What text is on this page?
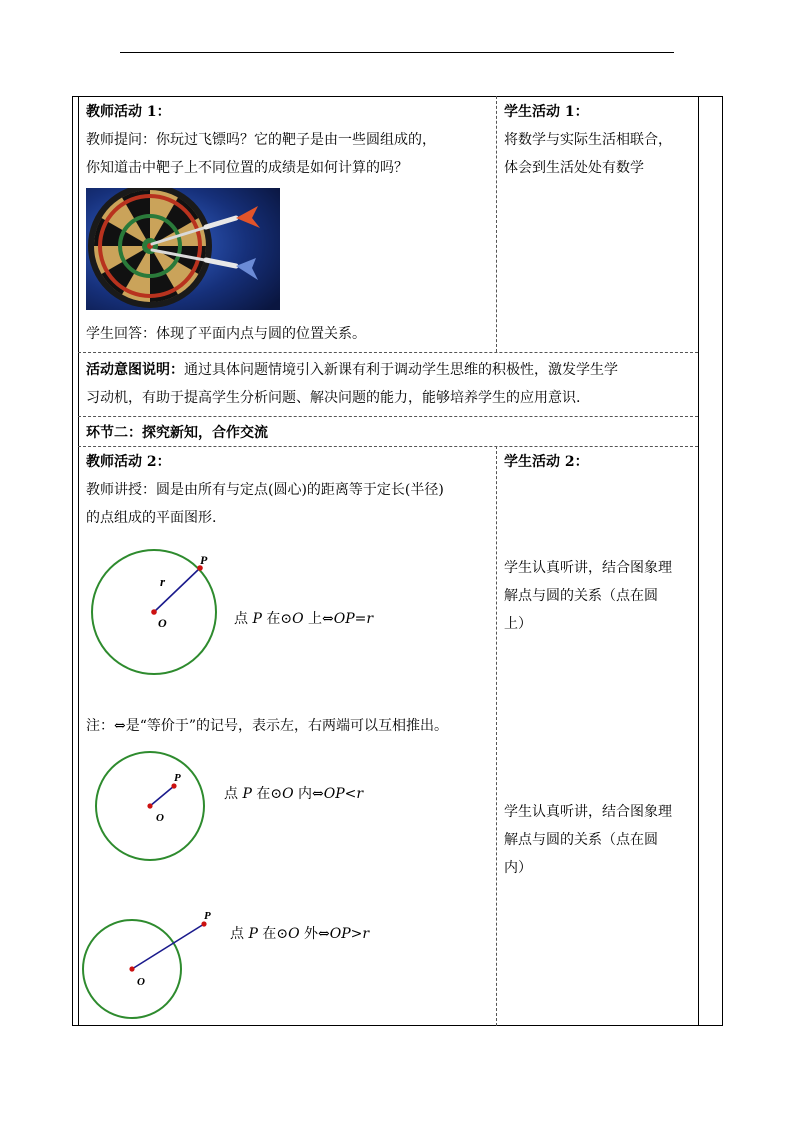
教师活动 1：
教师提问：你玩过飞镖吗？它的靶子是由一些圆组成的，
你知道击中靶子上不同位置的成绩是如何计算的吗？
学生回答：体现了平面内点与圆的位置关系。
学生活动 1：
将数学与实际生活相联合，
体会到生活处处有数学
活动意图说明：通过具体问题情境引入新课有利于调动学生思维的积极性，激发学生学
习动机，有助于提高学生分析问题、解决问题的能力，能够培养学生的应用意识.
环节二：探究新知，合作交流
教师活动 2：
教师讲授：圆是由所有与定点(圆心)的距离等于定长(半径)
的点组成的平面图形.
P
r
O	点 P 在⊙O 上⇔OP=r
注：⇔是“等价于”的记号，表示左，右两端可以互相推出。
P
O
点 P 在⊙O 内⇔OP<r
P
O
点 P 在⊙O 外⇔OP>r
学生活动 2：
学生认真听讲，结合图象理
解点与圆的关系（点在圆
上）
学生认真听讲，结合图象理
解点与圆的关系（点在圆
内）
